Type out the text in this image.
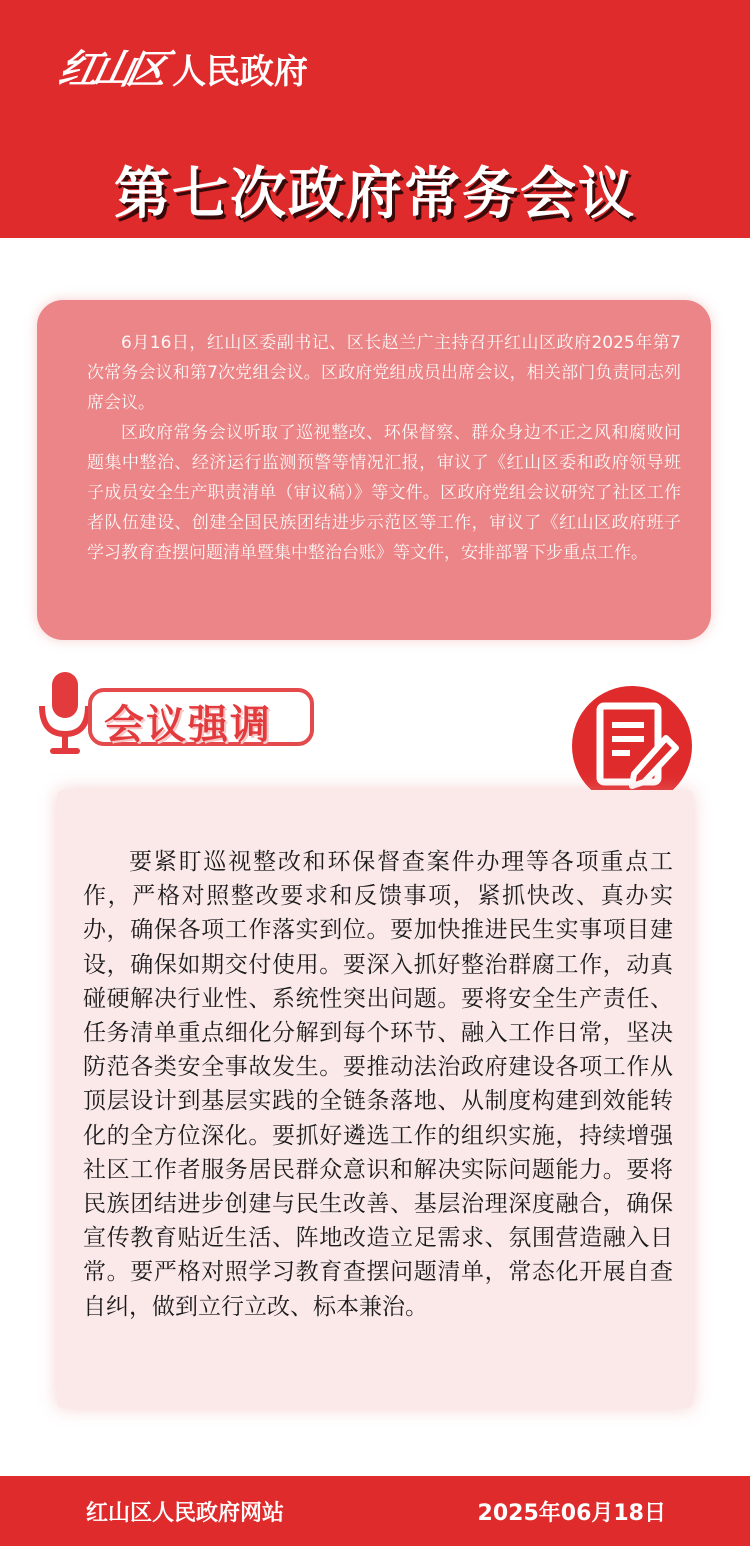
红山区 人民政府
第七次政府常务会议
6月16日，红山区委副书记、区长赵兰广主持召开红山区政府2025年第7次常务会议和第7次党组会议。区政府党组成员出席会议，相关部门负责同志列席会议。
区政府常务会议听取了巡视整改、环保督察、群众身边不正之风和腐败问题集中整治、经济运行监测预警等情况汇报，审议了《红山区委和政府领导班子成员安全生产职责清单（审议稿）》等文件。区政府党组会议研究了社区工作者队伍建设、创建全国民族团结进步示范区等工作，审议了《红山区政府班子学习教育查摆问题清单暨集中整治台账》等文件，安排部署下步重点工作。
会议强调
要紧盯巡视整改和环保督查案件办理等各项重点工作，严格对照整改要求和反馈事项，紧抓快改、真办实办，确保各项工作落实到位。要加快推进民生实事项目建设，确保如期交付使用。要深入抓好整治群腐工作，动真碰硬解决行业性、系统性突出问题。要将安全生产责任、任务清单重点细化分解到每个环节、融入工作日常，坚决防范各类安全事故发生。要推动法治政府建设各项工作从顶层设计到基层实践的全链条落地、从制度构建到效能转化的全方位深化。要抓好遴选工作的组织实施，持续增强社区工作者服务居民群众意识和解决实际问题能力。要将民族团结进步创建与民生改善、基层治理深度融合，确保宣传教育贴近生活、阵地改造立足需求、氛围营造融入日常。要严格对照学习教育查摆问题清单，常态化开展自查自纠，做到立行立改、标本兼治。
红山区人民政府网站	2025年06月18日
